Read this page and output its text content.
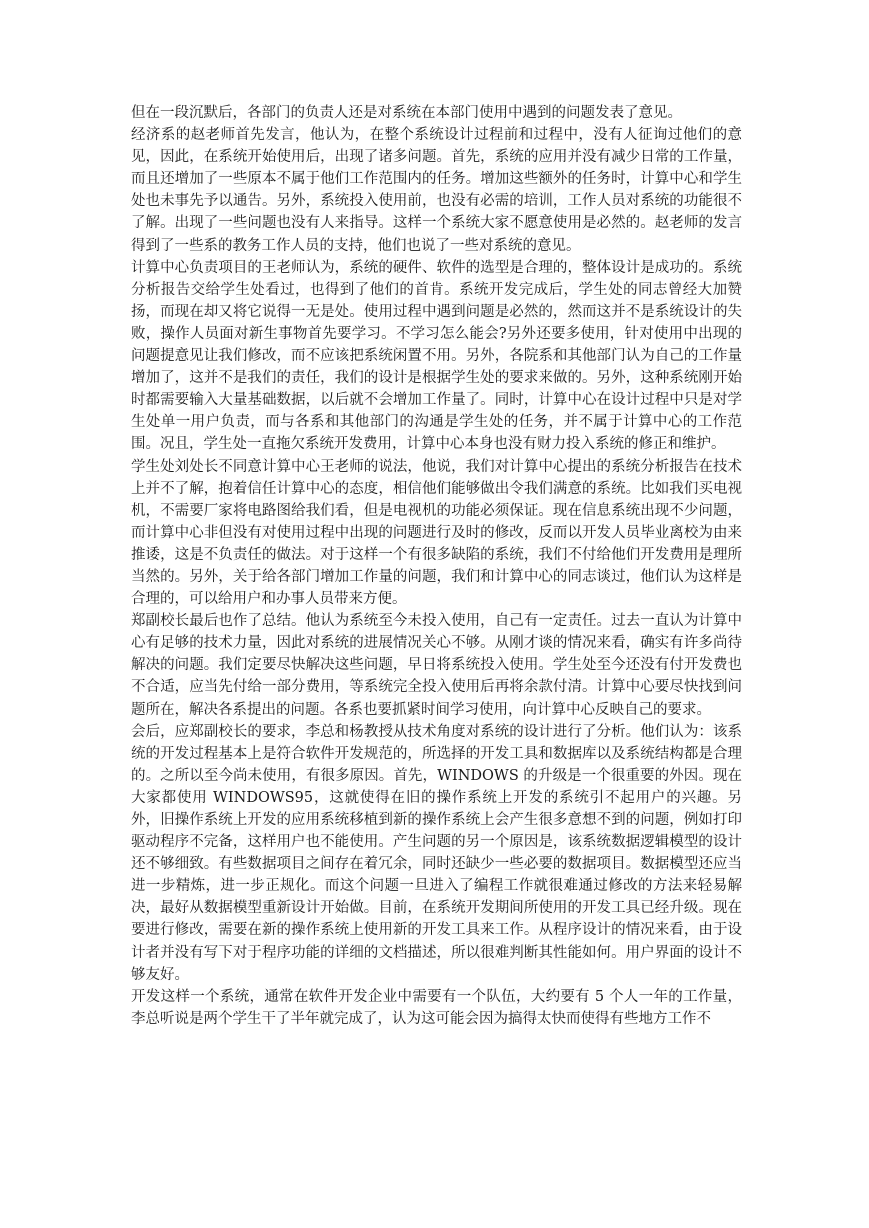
但在一段沉默后，各部门的负责人还是对系统在本部门使用中遇到的问题发表了意见。

经济系的赵老师首先发言，他认为，在整个系统设计过程前和过程中，没有人征询过他们的意见，因此，在系统开始使用后，出现了诸多问题。首先，系统的应用并没有减少日常的工作量，而且还增加了一些原本不属于他们工作范围内的任务。增加这些额外的任务时，计算中心和学生处也未事先予以通告。另外，系统投入使用前，也没有必需的培训，工作人员对系统的功能很不了解。出现了一些问题也没有人来指导。这样一个系统大家不愿意使用是必然的。赵老师的发言得到了一些系的教务工作人员的支持，他们也说了一些对系统的意见。

计算中心负责项目的王老师认为，系统的硬件、软件的选型是合理的，整体设计是成功的。系统分析报告交给学生处看过，也得到了他们的首肯。系统开发完成后，学生处的同志曾经大加赞扬，而现在却又将它说得一无是处。使用过程中遇到问题是必然的，然而这并不是系统设计的失败，操作人员面对新生事物首先要学习。不学习怎么能会?另外还要多使用，针对使用中出现的问题提意见让我们修改，而不应该把系统闲置不用。另外，各院系和其他部门认为自己的工作量增加了，这并不是我们的责任，我们的设计是根据学生处的要求来做的。另外，这种系统刚开始时都需要输入大量基础数据，以后就不会增加工作量了。同时，计算中心在设计过程中只是对学生处单一用户负责，而与各系和其他部门的沟通是学生处的任务，并不属于计算中心的工作范围。况且，学生处一直拖欠系统开发费用，计算中心本身也没有财力投入系统的修正和维护。

学生处刘处长不同意计算中心王老师的说法，他说，我们对计算中心提出的系统分析报告在技术上并不了解，抱着信任计算中心的态度，相信他们能够做出令我们满意的系统。比如我们买电视机，不需要厂家将电路图给我们看，但是电视机的功能必须保证。现在信息系统出现不少问题，而计算中心非但没有对使用过程中出现的问题进行及时的修改，反而以开发人员毕业离校为由来推诿，这是不负责任的做法。对于这样一个有很多缺陷的系统，我们不付给他们开发费用是理所当然的。另外，关于给各部门增加工作量的问题，我们和计算中心的同志谈过，他们认为这样是合理的，可以给用户和办事人员带来方便。

郑副校长最后也作了总结。他认为系统至今未投入使用，自己有一定责任。过去一直认为计算中心有足够的技术力量，因此对系统的进展情况关心不够。从刚才谈的情况来看，确实有许多尚待解决的问题。我们定要尽快解决这些问题，早日将系统投入使用。学生处至今还没有付开发费也不合适，应当先付给一部分费用，等系统完全投入使用后再将余款付清。计算中心要尽快找到问题所在，解决各系提出的问题。各系也要抓紧时间学习使用，向计算中心反映自己的要求。

会后，应郑副校长的要求，李总和杨教授从技术角度对系统的设计进行了分析。他们认为：该系统的开发过程基本上是符合软件开发规范的，所选择的开发工具和数据库以及系统结构都是合理的。之所以至今尚未使用，有很多原因。首先，WINDOWS 的升级是一个很重要的外因。现在大家都使用 WINDOWS95，这就使得在旧的操作系统上开发的系统引不起用户的兴趣。另外，旧操作系统上开发的应用系统移植到新的操作系统上会产生很多意想不到的问题，例如打印驱动程序不完备，这样用户也不能使用。产生问题的另一个原因是，该系统数据逻辑模型的设计还不够细致。有些数据项目之间存在着冗余，同时还缺少一些必要的数据项目。数据模型还应当进一步精炼，进一步正规化。而这个问题一旦进入了编程工作就很难通过修改的方法来轻易解决，最好从数据模型重新设计开始做。目前，在系统开发期间所使用的开发工具已经升级。现在要进行修改，需要在新的操作系统上使用新的开发工具来工作。从程序设计的情况来看，由于设计者并没有写下对于程序功能的详细的文档描述，所以很难判断其性能如何。用户界面的设计不够友好。

开发这样一个系统，通常在软件开发企业中需要有一个队伍，大约要有 5 个人一年的工作量，李总听说是两个学生干了半年就完成了，认为这可能会因为搞得太快而使得有些地方工作不
